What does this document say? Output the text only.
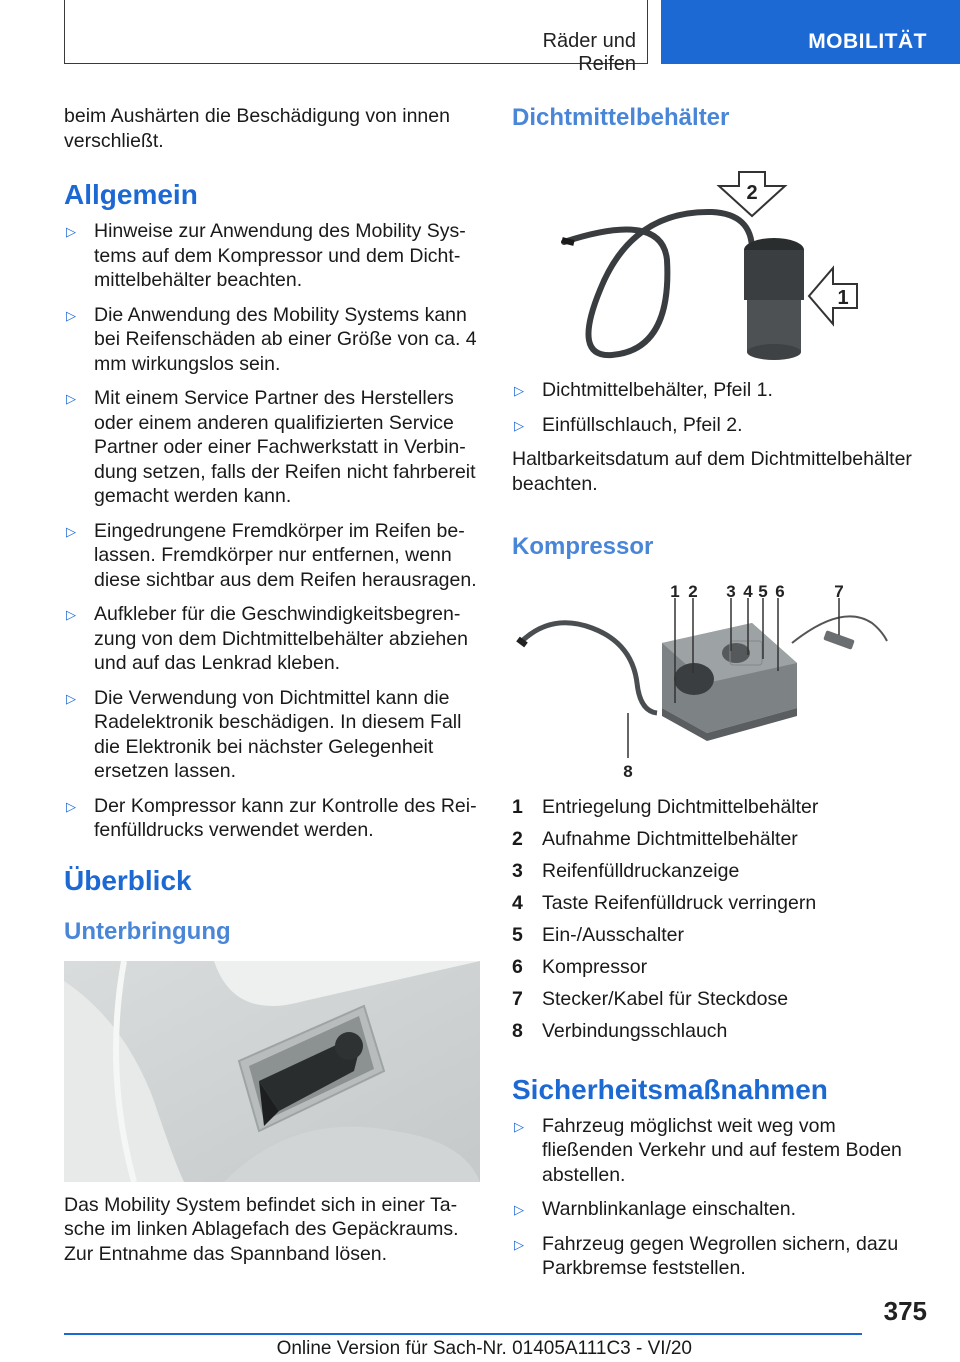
Räder und Reifen
MOBILITÄT

beim Aushärten die Beschädigung von innen verschließt.

Allgemein
▷ Hinweise zur Anwendung des Mobility Sys-tems auf dem Kompressor und dem Dicht-mittelbehälter beachten.
▷ Die Anwendung des Mobility Systems kann bei Reifenschäden ab einer Größe von ca. 4 mm wirkungslos sein.
▷ Mit einem Service Partner des Herstellers oder einem anderen qualifizierten Service Partner oder einer Fachwerkstatt in Verbin-dung setzen, falls der Reifen nicht fahrbereit gemacht werden kann.
▷ Eingedrungene Fremdkörper im Reifen be-lassen. Fremdkörper nur entfernen, wenn diese sichtbar aus dem Reifen herausragen.
▷ Aufkleber für die Geschwindigkeitsbegren-zung von dem Dichtmittelbehälter abziehen und auf das Lenkrad kleben.
▷ Die Verwendung von Dichtmittel kann die Radelektronik beschädigen. In diesem Fall die Elektronik bei nächster Gelegenheit ersetzen lassen.
▷ Der Kompressor kann zur Kontrolle des Rei-fenfülldrucks verwendet werden.
Überblick
Unterbringung

Das Mobility System befindet sich in einer Ta-sche im linken Ablagefach des Gepäckraums. Zur Entnahme das Spannband lösen.

Dichtmittelbehälter
2
1
▷ Dichtmittelbehälter, Pfeil 1.
▷ Einfüllschlauch, Pfeil 2.

Haltbarkeitsdatum auf dem Dichtmittelbehälter beachten.

Kompressor
1 2 3 4 5 6	7
8
1 Entriegelung Dichtmittelbehälter
2 Aufnahme Dichtmittelbehälter
3 Reifenfülldruckanzeige
4 Taste Reifenfülldruck verringern
5 Ein-/Ausschalter
6 Kompressor
7 Stecker/Kabel für Steckdose
8 Verbindungsschlauch
Sicherheitsmaßnahmen
▷ Fahrzeug möglichst weit weg vom fließenden Verkehr und auf festem Boden abstellen.
▷ Warnblinkanlage einschalten.
▷ Fahrzeug gegen Wegrollen sichern, dazu Parkbremse feststellen.
375
Online Version für Sach-Nr. 01405A111C3 - VI/20
